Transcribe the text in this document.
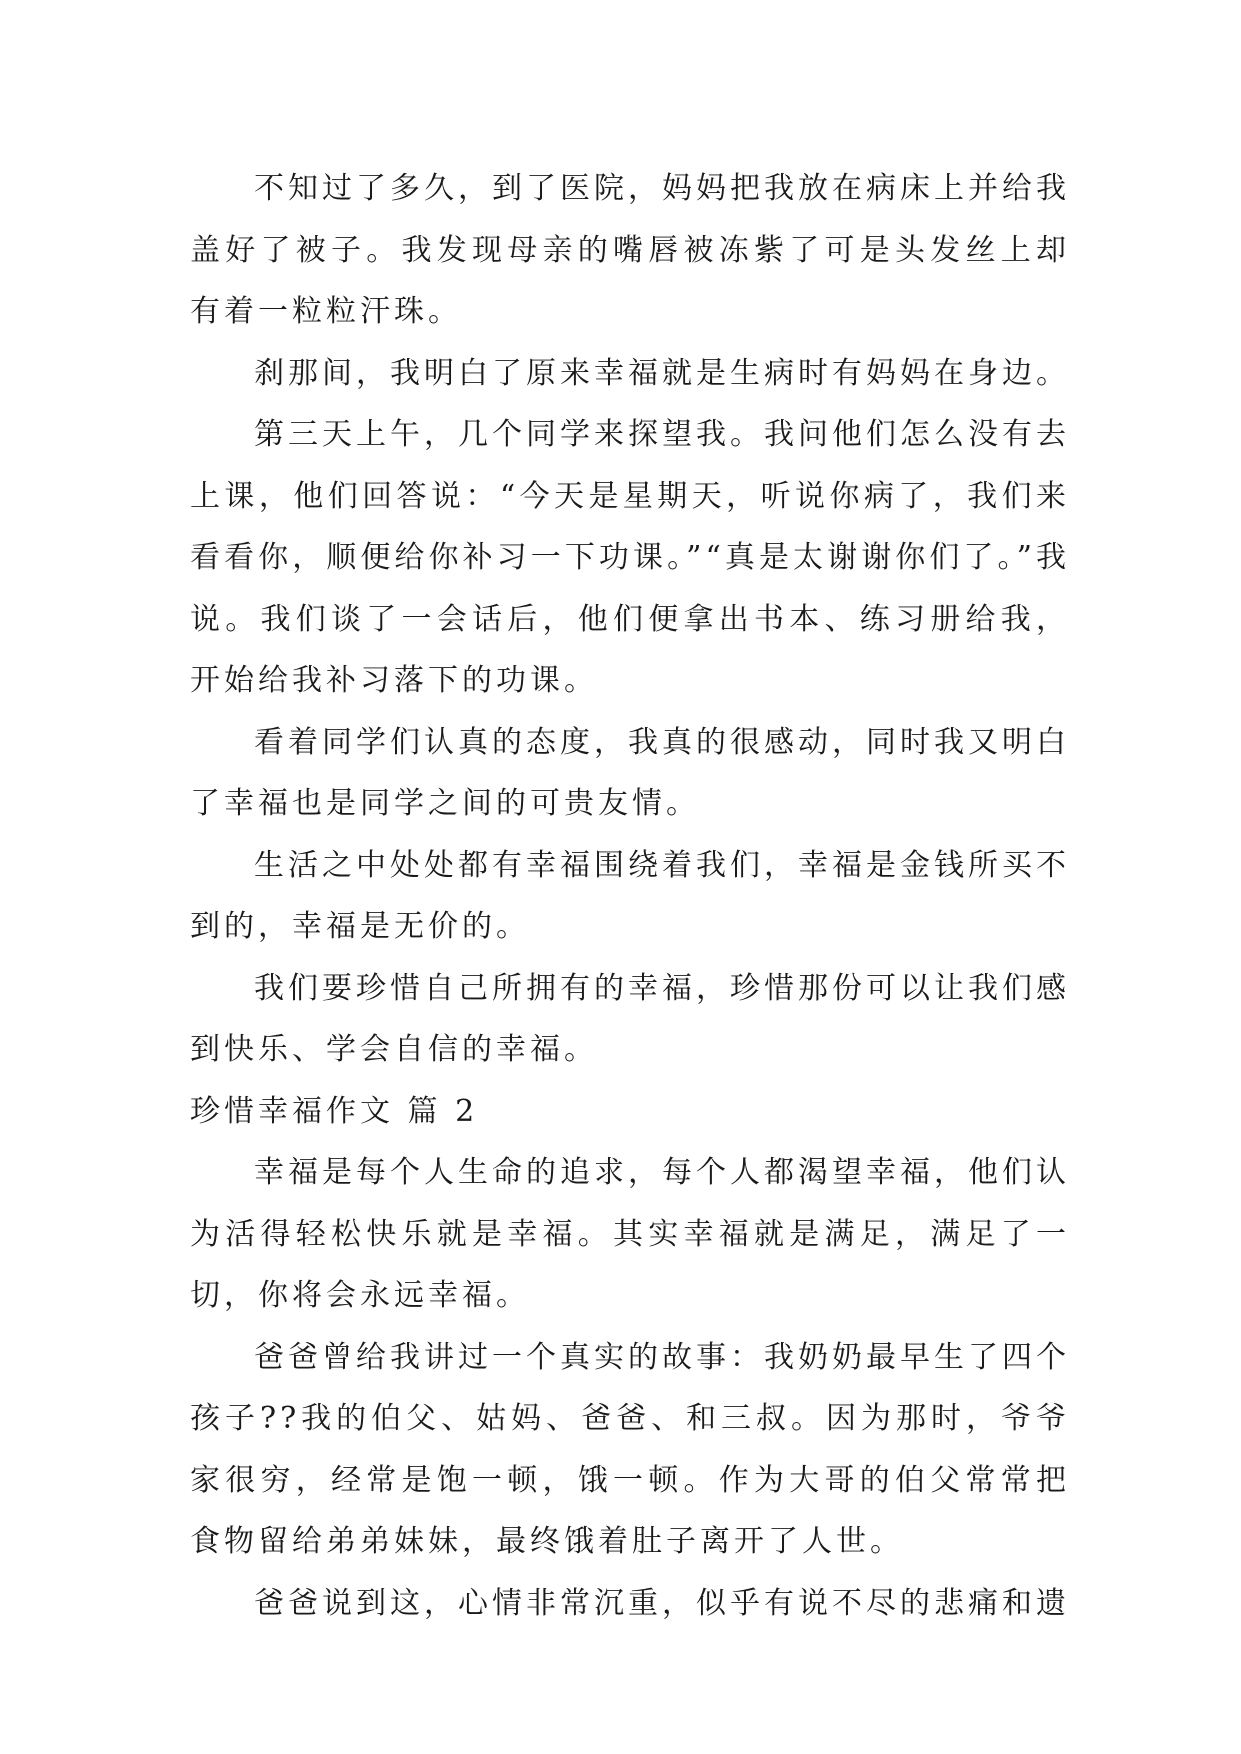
不知过了多久，到了医院，妈妈把我放在病床上并给我盖好了被子。我发现母亲的嘴唇被冻紫了可是头发丝上却有着一粒粒汗珠。

刹那间，我明白了原来幸福就是生病时有妈妈在身边。

第三天上午，几个同学来探望我。我问他们怎么没有去上课，他们回答说：“今天是星期天，听说你病了，我们来看看你，顺便给你补习一下功课。”“真是太谢谢你们了。”我说。我们谈了一会话后，他们便拿出书本、练习册给我，开始给我补习落下的功课。

看着同学们认真的态度，我真的很感动，同时我又明白了幸福也是同学之间的可贵友情。

生活之中处处都有幸福围绕着我们，幸福是金钱所买不到的，幸福是无价的。

我们要珍惜自己所拥有的幸福，珍惜那份可以让我们感到快乐、学会自信的幸福。

珍惜幸福作文 篇 2

幸福是每个人生命的追求，每个人都渴望幸福，他们认为活得轻松快乐就是幸福。其实幸福就是满足，满足了一切，你将会永远幸福。

爸爸曾给我讲过一个真实的故事：我奶奶最早生了四个孩子??我的伯父、姑妈、爸爸、和三叔。因为那时，爷爷家很穷，经常是饱一顿，饿一顿。作为大哥的伯父常常把食物留给弟弟妹妹，最终饿着肚子离开了人世。

爸爸说到这，心情非常沉重，似乎有说不尽的悲痛和遗
